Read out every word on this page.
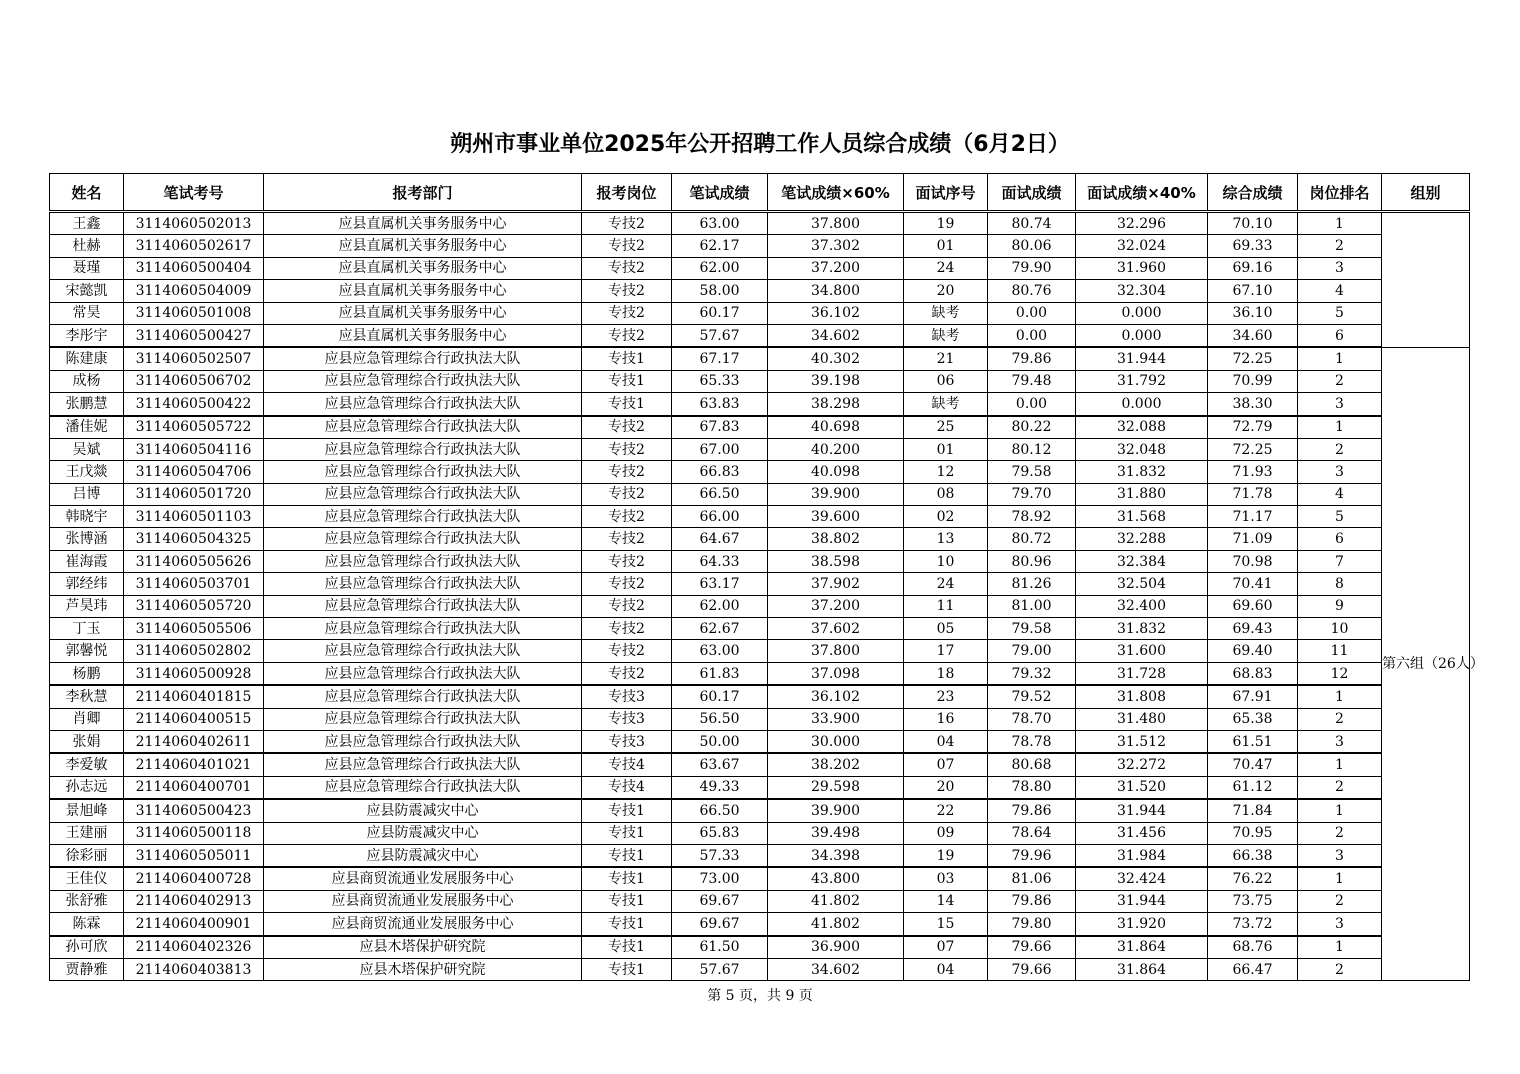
朔州市事业单位2025年公开招聘工作人员综合成绩（6月2日）
姓名	笔试考号	报考部门	报考岗位	笔试成绩	笔试成绩×60%	面试序号	面试成绩	面试成绩×40%	综合成绩	岗位排名	组别
王鑫	3114060502013	应县直属机关事务服务中心	专技2	63.00	37.800	19	80.74	32.296	70.10	1	
杜赫	3114060502617	应县直属机关事务服务中心	专技2	62.17	37.302	01	80.06	32.024	69.33	2	
聂瑾	3114060500404	应县直属机关事务服务中心	专技2	62.00	37.200	24	79.90	31.960	69.16	3	
宋懿凯	3114060504009	应县直属机关事务服务中心	专技2	58.00	34.800	20	80.76	32.304	67.10	4	
常昊	3114060501008	应县直属机关事务服务中心	专技2	60.17	36.102	缺考	0.00	0.000	36.10	5	
李彤宇	3114060500427	应县直属机关事务服务中心	专技2	57.67	34.602	缺考	0.00	0.000	34.60	6	
陈建康	3114060502507	应县应急管理综合行政执法大队	专技1	67.17	40.302	21	79.86	31.944	72.25	1	第六组（26人）
成杨	3114060506702	应县应急管理综合行政执法大队	专技1	65.33	39.198	06	79.48	31.792	70.99	2	
张鹏慧	3114060500422	应县应急管理综合行政执法大队	专技1	63.83	38.298	缺考	0.00	0.000	38.30	3	
潘佳妮	3114060505722	应县应急管理综合行政执法大队	专技2	67.83	40.698	25	80.22	32.088	72.79	1	
吴斌	3114060504116	应县应急管理综合行政执法大队	专技2	67.00	40.200	01	80.12	32.048	72.25	2	
王戊燚	3114060504706	应县应急管理综合行政执法大队	专技2	66.83	40.098	12	79.58	31.832	71.93	3	
吕博	3114060501720	应县应急管理综合行政执法大队	专技2	66.50	39.900	08	79.70	31.880	71.78	4	
韩晓宇	3114060501103	应县应急管理综合行政执法大队	专技2	66.00	39.600	02	78.92	31.568	71.17	5	
张博涵	3114060504325	应县应急管理综合行政执法大队	专技2	64.67	38.802	13	80.72	32.288	71.09	6	
崔海霞	3114060505626	应县应急管理综合行政执法大队	专技2	64.33	38.598	10	80.96	32.384	70.98	7	
郭经纬	3114060503701	应县应急管理综合行政执法大队	专技2	63.17	37.902	24	81.26	32.504	70.41	8	
芦昊玮	3114060505720	应县应急管理综合行政执法大队	专技2	62.00	37.200	11	81.00	32.400	69.60	9	
丁玉	3114060505506	应县应急管理综合行政执法大队	专技2	62.67	37.602	05	79.58	31.832	69.43	10	
郭馨悦	3114060502802	应县应急管理综合行政执法大队	专技2	63.00	37.800	17	79.00	31.600	69.40	11	
杨鹏	3114060500928	应县应急管理综合行政执法大队	专技2	61.83	37.098	18	79.32	31.728	68.83	12	
李秋慧	2114060401815	应县应急管理综合行政执法大队	专技3	60.17	36.102	23	79.52	31.808	67.91	1	
肖卿	2114060400515	应县应急管理综合行政执法大队	专技3	56.50	33.900	16	78.70	31.480	65.38	2	
张娟	2114060402611	应县应急管理综合行政执法大队	专技3	50.00	30.000	04	78.78	31.512	61.51	3	
李爱敏	2114060401021	应县应急管理综合行政执法大队	专技4	63.67	38.202	07	80.68	32.272	70.47	1	
孙志远	2114060400701	应县应急管理综合行政执法大队	专技4	49.33	29.598	20	78.80	31.520	61.12	2	
景旭峰	3114060500423	应县防震减灾中心	专技1	66.50	39.900	22	79.86	31.944	71.84	1	
王建丽	3114060500118	应县防震减灾中心	专技1	65.83	39.498	09	78.64	31.456	70.95	2	
徐彩丽	3114060505011	应县防震减灾中心	专技1	57.33	34.398	19	79.96	31.984	66.38	3	
王佳仪	2114060400728	应县商贸流通业发展服务中心	专技1	73.00	43.800	03	81.06	32.424	76.22	1	
张舒雅	2114060402913	应县商贸流通业发展服务中心	专技1	69.67	41.802	14	79.86	31.944	73.75	2	
陈霖	2114060400901	应县商贸流通业发展服务中心	专技1	69.67	41.802	15	79.80	31.920	73.72	3	
孙可欣	2114060402326	应县木塔保护研究院	专技1	61.50	36.900	07	79.66	31.864	68.76	1	
贾静雅	2114060403813	应县木塔保护研究院	专技1	57.67	34.602	04	79.66	31.864	66.47	2	
第 5 页，共 9 页
